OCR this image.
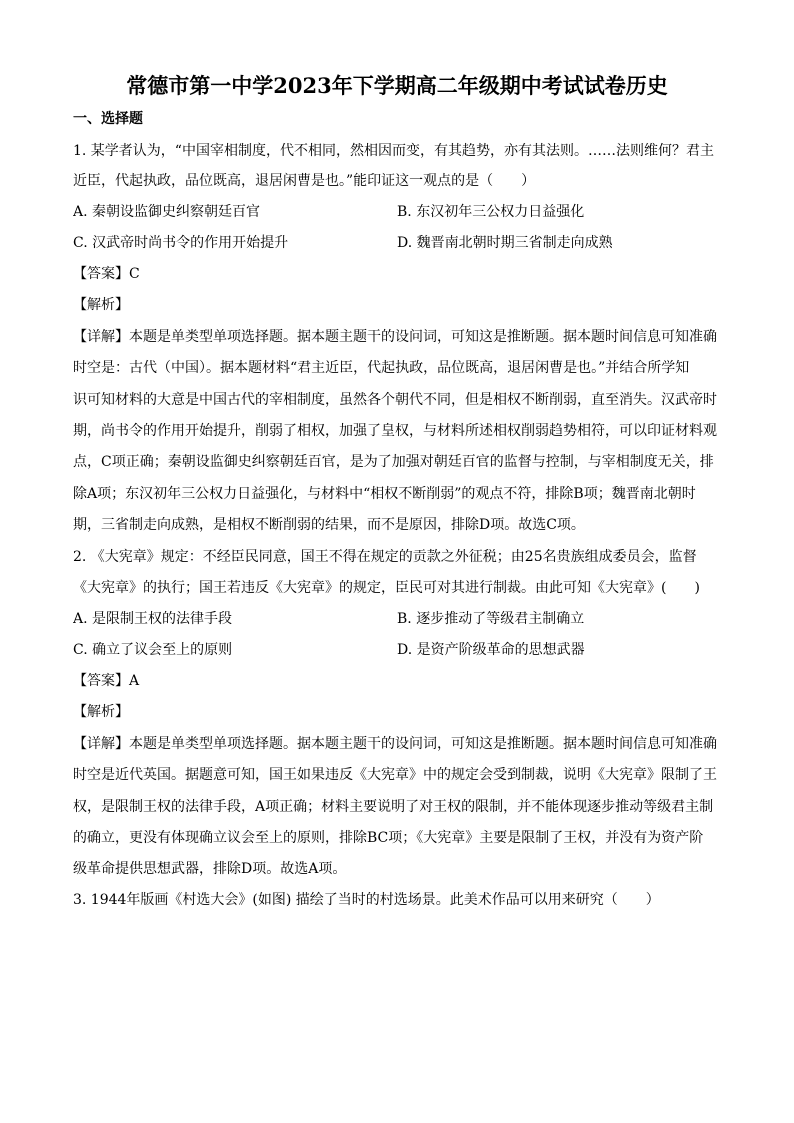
常德市第一中学2023年下学期高二年级期中考试试卷历史
一、选择题
1. 某学者认为，“中国宰相制度，代不相同，然相因而变，有其趋势，亦有其法则。……法则维何？君主
近臣，代起执政，品位既高，退居闲曹是也。”能印证这一观点的是（　　）
A. 秦朝设监御史纠察朝廷百官	B. 东汉初年三公权力日益强化
C. 汉武帝时尚书令的作用开始提升	D. 魏晋南北朝时期三省制走向成熟
【答案】C
【解析】
【详解】本题是单类型单项选择题。据本题主题干的设问词，可知这是推断题。据本题时间信息可知准确
时空是：古代（中国）。据本题材料“君主近臣，代起执政，品位既高，退居闲曹是也。”并结合所学知
识可知材料的大意是中国古代的宰相制度，虽然各个朝代不同，但是相权不断削弱，直至消失。汉武帝时
期，尚书令的作用开始提升，削弱了相权，加强了皇权，与材料所述相权削弱趋势相符，可以印证材料观
点，C项正确；秦朝设监御史纠察朝廷百官，是为了加强对朝廷百官的监督与控制，与宰相制度无关，排
除A项；东汉初年三公权力日益强化，与材料中“相权不断削弱”的观点不符，排除B项；魏晋南北朝时
期，三省制走向成熟，是相权不断削弱的结果，而不是原因，排除D项。故选C项。
2. 《大宪章》规定：不经臣民同意，国王不得在规定的贡款之外征税；由25名贵族组成委员会，监督
《大宪章》的执行；国王若违反《大宪章》的规定，臣民可对其进行制裁。由此可知《大宪章》(　　)
A. 是限制王权的法律手段	B. 逐步推动了等级君主制确立
C. 确立了议会至上的原则	D. 是资产阶级革命的思想武器
【答案】A
【解析】
【详解】本题是单类型单项选择题。据本题主题干的设问词，可知这是推断题。据本题时间信息可知准确
时空是近代英国。据题意可知，国王如果违反《大宪章》中的规定会受到制裁，说明《大宪章》限制了王
权，是限制王权的法律手段，A项正确；材料主要说明了对王权的限制，并不能体现逐步推动等级君主制
的确立，更没有体现确立议会至上的原则，排除BC项；《大宪章》主要是限制了王权，并没有为资产阶
级革命提供思想武器，排除D项。故选A项。
3. 1944年版画《村选大会》(如图) 描绘了当时的村选场景。此美术作品可以用来研究（　　）
